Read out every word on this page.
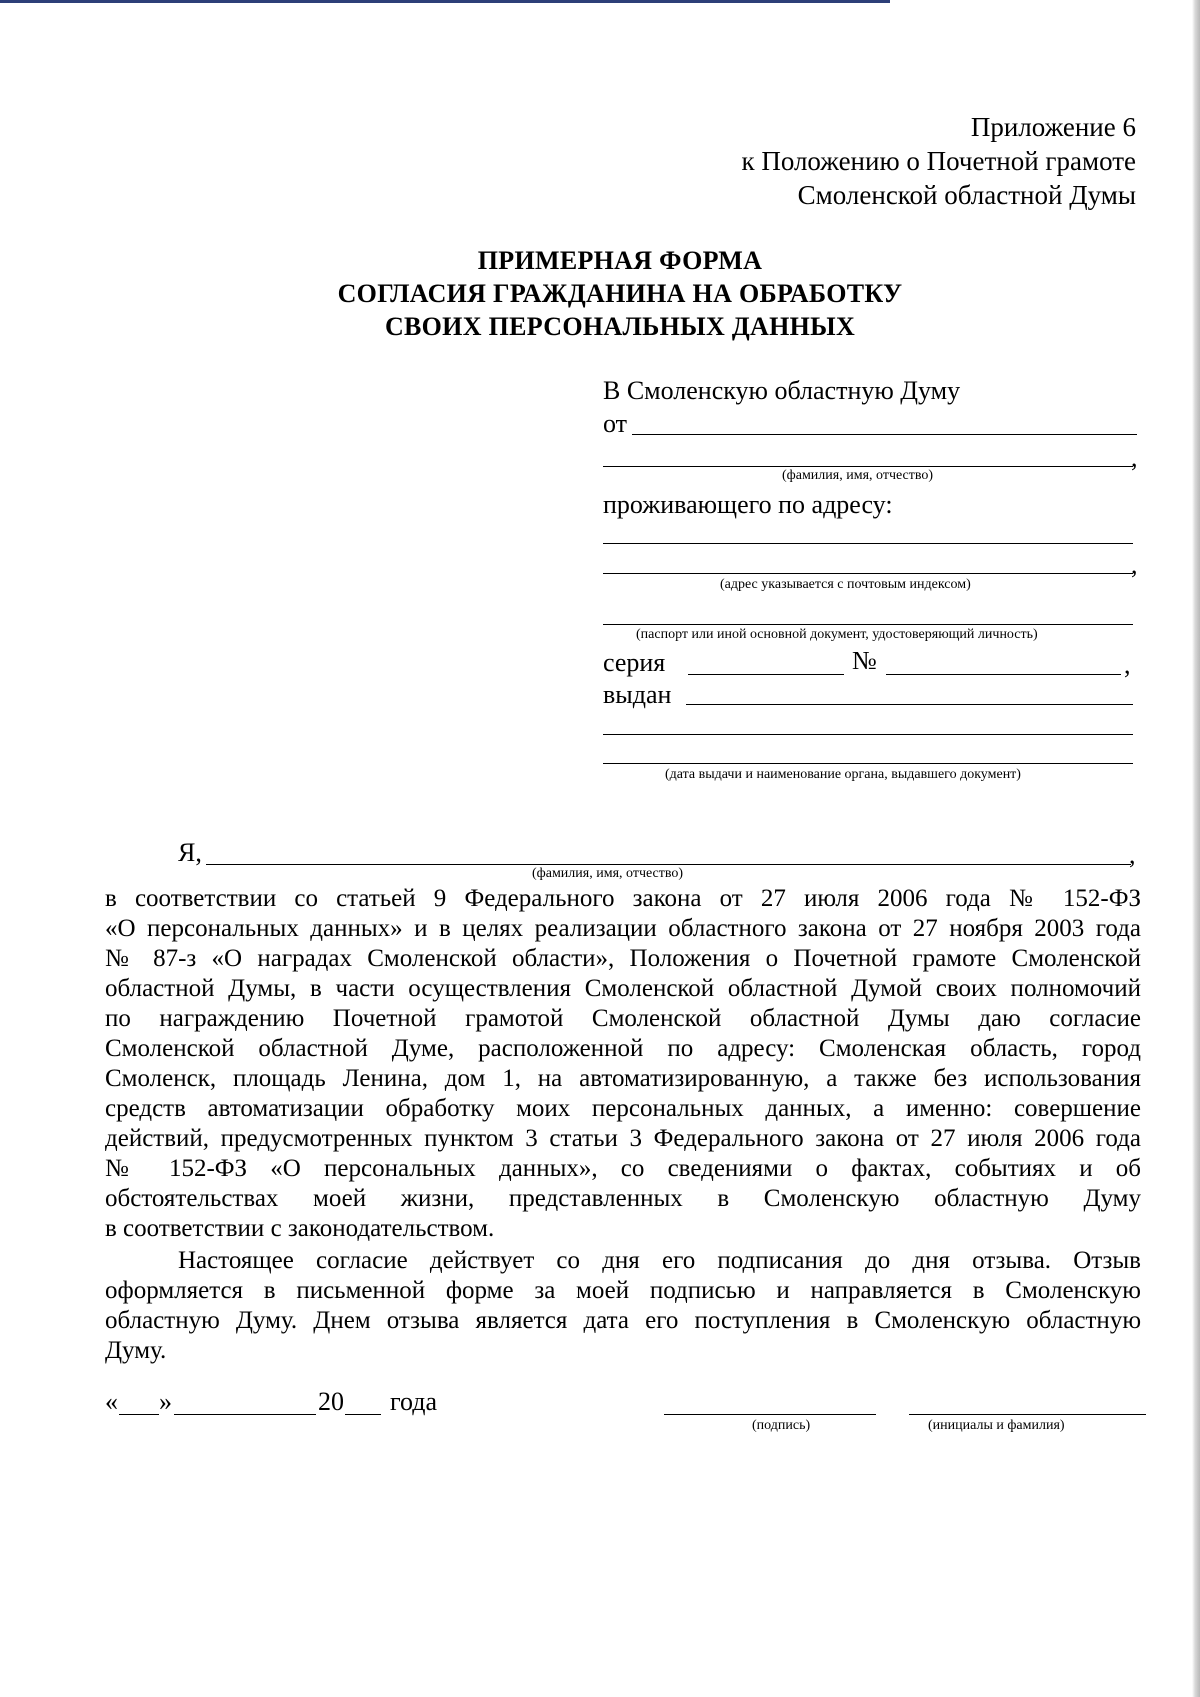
Приложение 6
к Положению о Почетной грамоте
Смоленской областной Думы
ПРИМЕРНАЯ ФОРМА
СОГЛАСИЯ ГРАЖДАНИНА НА ОБРАБОТКУ
СВОИХ ПЕРСОНАЛЬНЫХ ДАННЫХ
В Смоленскую областную Думу
от
,
(фамилия, имя, отчество)
проживающего по адресу:
,
(адрес указывается с почтовым индексом)
(паспорт или иной основной документ, удостоверяющий личность)
серия	№	,
выдан
(дата выдачи и наименование органа, выдавшего документ)
Я,	,
(фамилия, имя, отчество)
в соответствии со статьей 9 Федерального закона от 27 июля 2006 года № 152-ФЗ
«О персональных данных» и в целях реализации областного закона от 27 ноября 2003 года
№ 87-з «О наградах Смоленской области», Положения о Почетной грамоте Смоленской
областной Думы, в части осуществления Смоленской областной Думой своих полномочий
по награждению Почетной грамотой Смоленской областной Думы даю согласие
Смоленской областной Думе, расположенной по адресу: Смоленская область, город
Смоленск, площадь Ленина, дом 1, на автоматизированную, а также без использования
средств автоматизации обработку моих персональных данных, а именно: совершение
действий, предусмотренных пунктом 3 статьи 3 Федерального закона от 27 июля 2006 года
№ 152-ФЗ «О персональных данных», со сведениями о фактах, событиях и об
обстоятельствах моей жизни, представленных в Смоленскую областную Думу
в соответствии с законодательством.
Настоящее согласие действует со дня его подписания до дня отзыва. Отзыв
оформляется в письменной форме за моей подписью и направляется в Смоленскую
областную Думу. Днем отзыва является дата его поступления в Смоленскую областную
Думу.
« »	20 года
(подпись)	(инициалы и фамилия)
